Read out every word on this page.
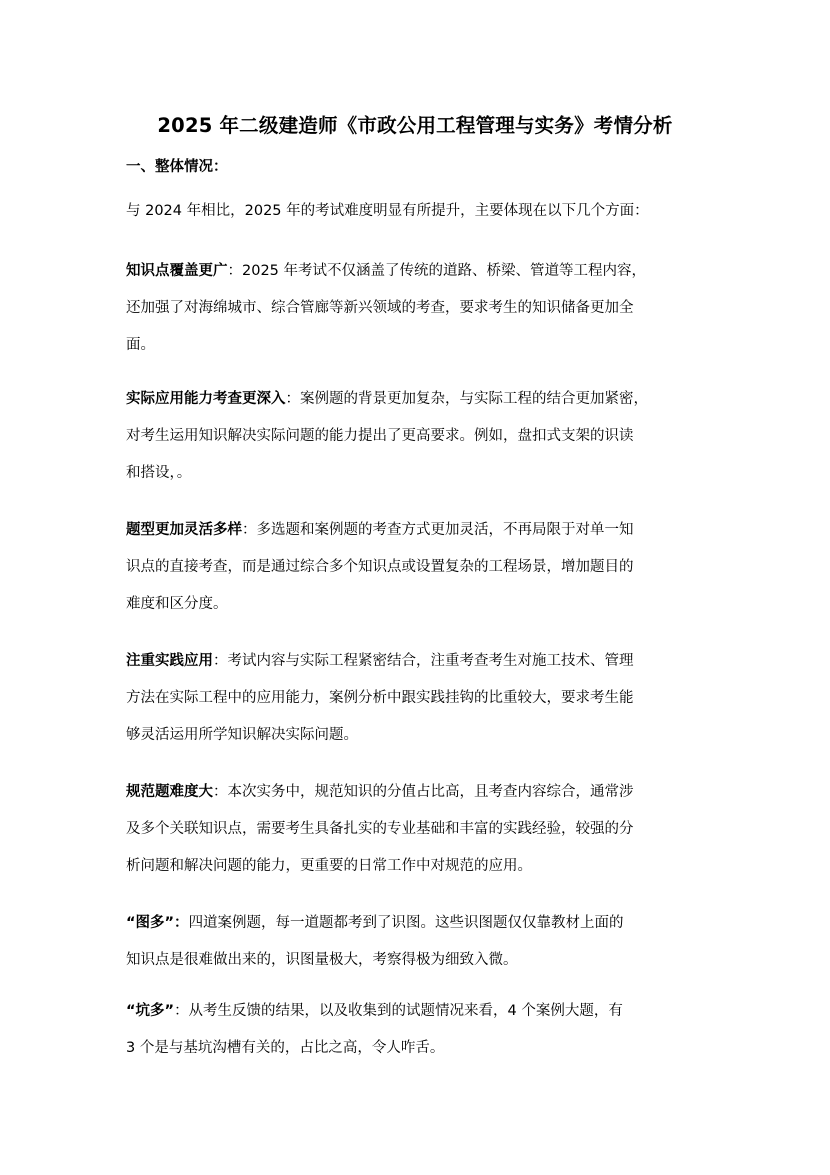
2025 年二级建造师《市政公用工程管理与实务》考情分析
一、整体情况：
与 2024 年相比，2025 年的考试难度明显有所提升，主要体现在以下几个方面：
知识点覆盖更广：2025 年考试不仅涵盖了传统的道路、桥梁、管道等工程内容，
还加强了对海绵城市、综合管廊等新兴领域的考查，要求考生的知识储备更加全
面。
实际应用能力考查更深入：案例题的背景更加复杂，与实际工程的结合更加紧密，
对考生运用知识解决实际问题的能力提出了更高要求。例如，盘扣式支架的识读
和搭设，。
题型更加灵活多样：多选题和案例题的考查方式更加灵活，不再局限于对单一知
识点的直接考查，而是通过综合多个知识点或设置复杂的工程场景，增加题目的
难度和区分度。
注重实践应用：考试内容与实际工程紧密结合，注重考查考生对施工技术、管理
方法在实际工程中的应用能力，案例分析中跟实践挂钩的比重较大，要求考生能
够灵活运用所学知识解决实际问题。
规范题难度大：本次实务中，规范知识的分值占比高，且考查内容综合，通常涉
及多个关联知识点，需要考生具备扎实的专业基础和丰富的实践经验，较强的分
析问题和解决问题的能力，更重要的日常工作中对规范的应用。
“图多”：四道案例题，每一道题都考到了识图。这些识图题仅仅靠教材上面的
知识点是很难做出来的，识图量极大，考察得极为细致入微。
“坑多”：从考生反馈的结果，以及收集到的试题情况来看，4 个案例大题，有
3 个是与基坑沟槽有关的，占比之高，令人咋舌。
